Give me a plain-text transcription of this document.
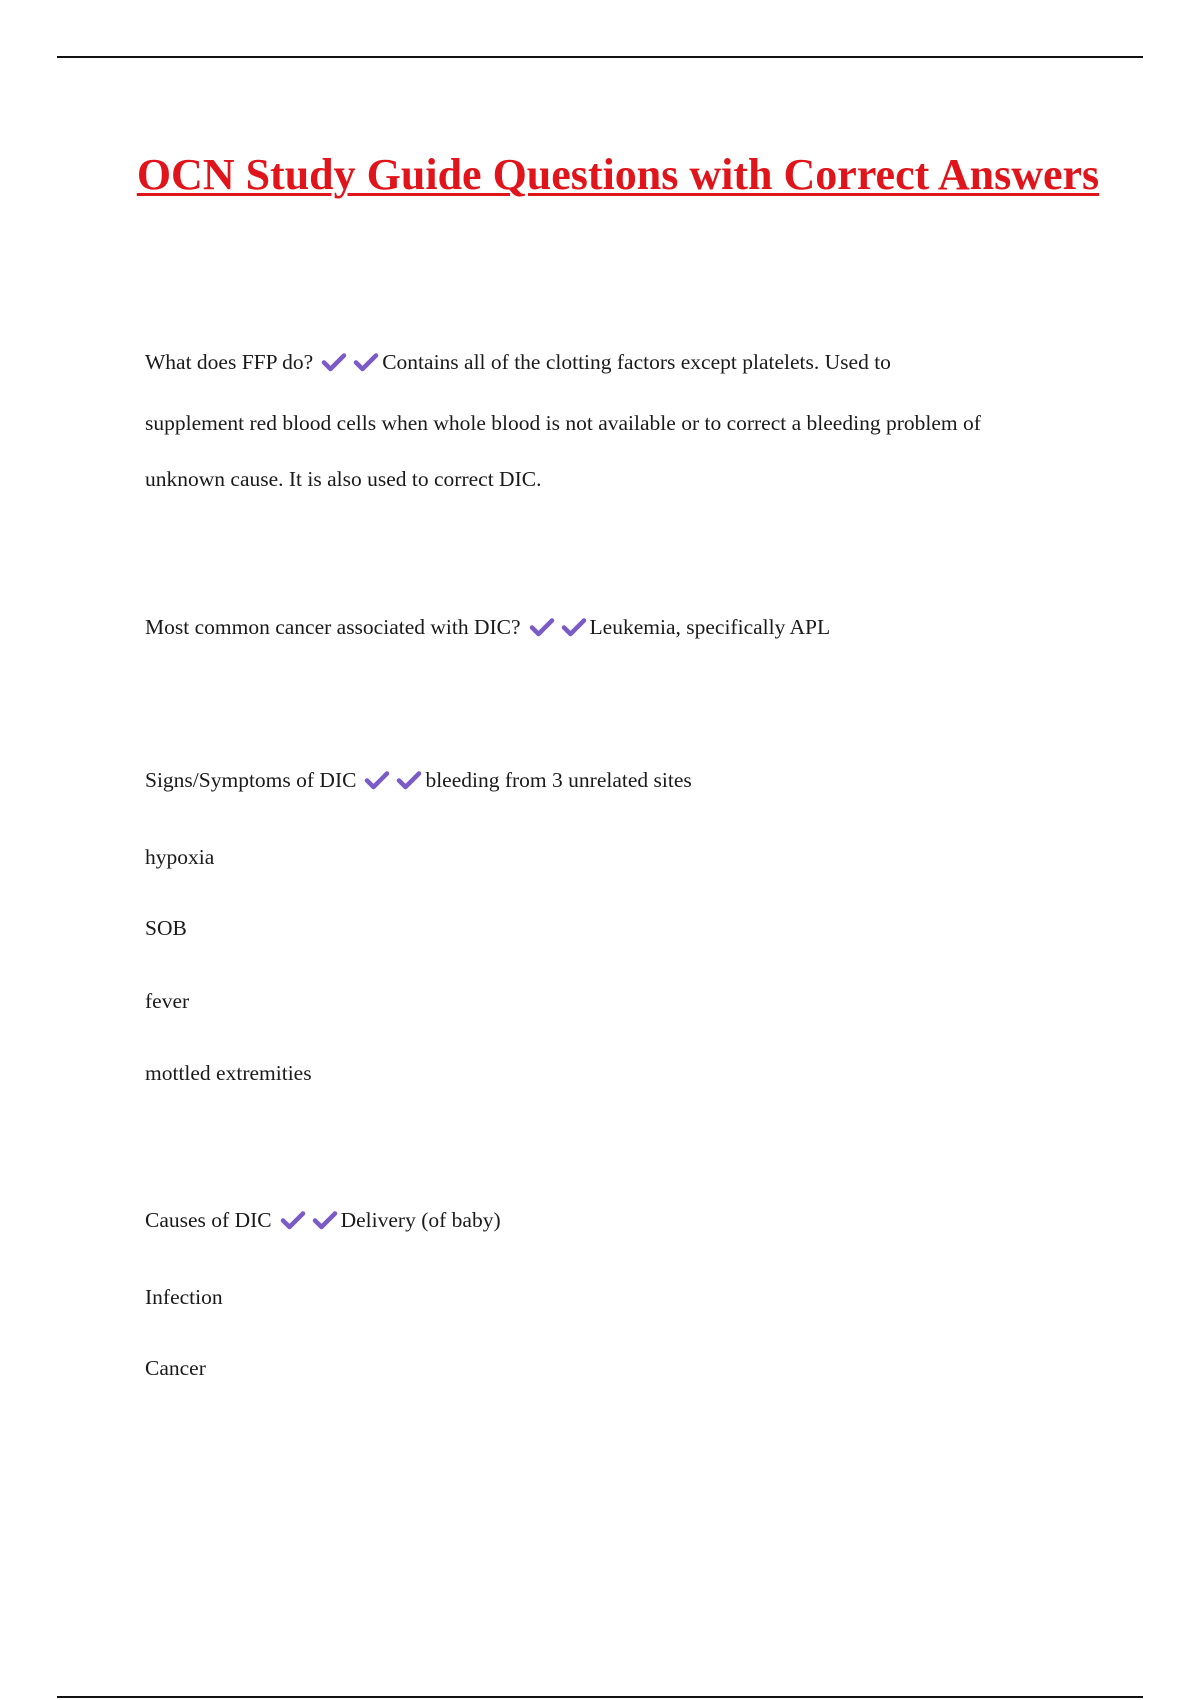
OCN Study Guide Questions with Correct Answers
What does FFP do?	Contains all of the clotting factors except platelets. Used to
supplement red blood cells when whole blood is not available or to correct a bleeding problem of
unknown cause. It is also used to correct DIC.
Most common cancer associated with DIC?	Leukemia, specifically APL
Signs/Symptoms of DIC	bleeding from 3 unrelated sites
hypoxia
SOB
fever
mottled extremities
Causes of DIC	Delivery (of baby)
Infection
Cancer
